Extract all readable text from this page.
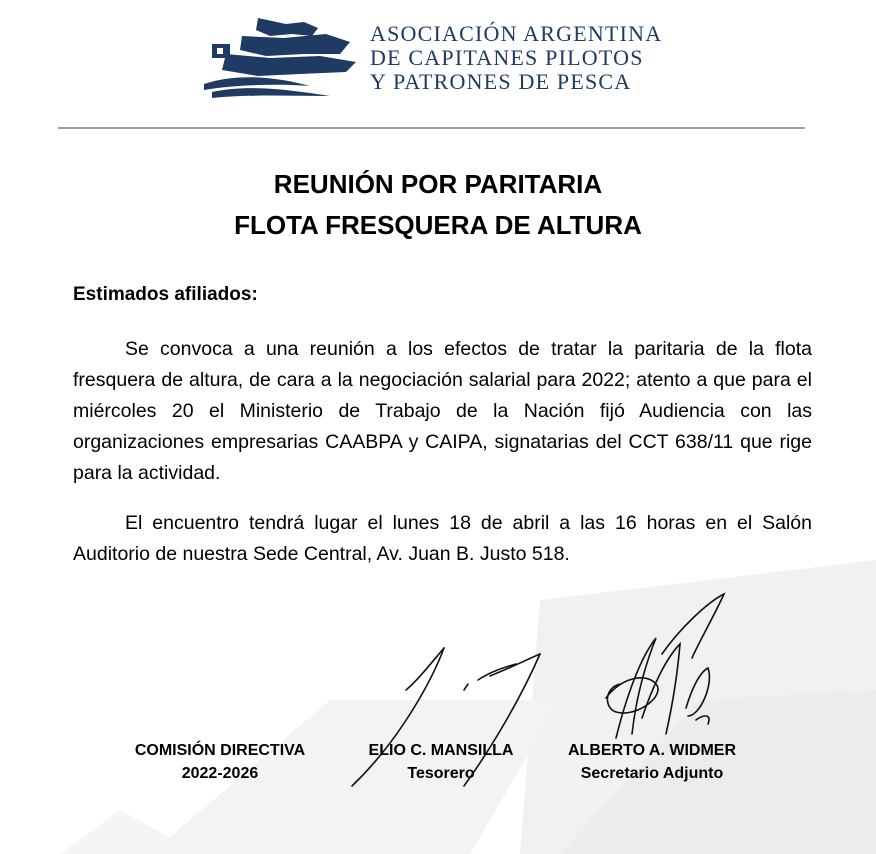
ASOCIACIÓN ARGENTINA
DE CAPITANES PILOTOS
Y PATRONES DE PESCA
REUNIÓN POR PARITARIA
FLOTA FRESQUERA DE ALTURA
Estimados afiliados:
Se convoca a una reunión a los efectos de tratar la paritaria de la flota fresquera de altura, de cara a la negociación salarial para 2022; atento a que para el miércoles 20 el Ministerio de Trabajo de la Nación fijó Audiencia con las organizaciones empresarias CAABPA y CAIPA, signatarias del CCT 638/11 que rige para la actividad.
El encuentro tendrá lugar el lunes 18 de abril a las 16 horas en el Salón Auditorio de nuestra Sede Central, Av. Juan B. Justo 518.
COMISIÓN DIRECTIVA
2022-2026
ELIO C. MANSILLA
Tesorero
ALBERTO A. WIDMER
Secretario Adjunto
